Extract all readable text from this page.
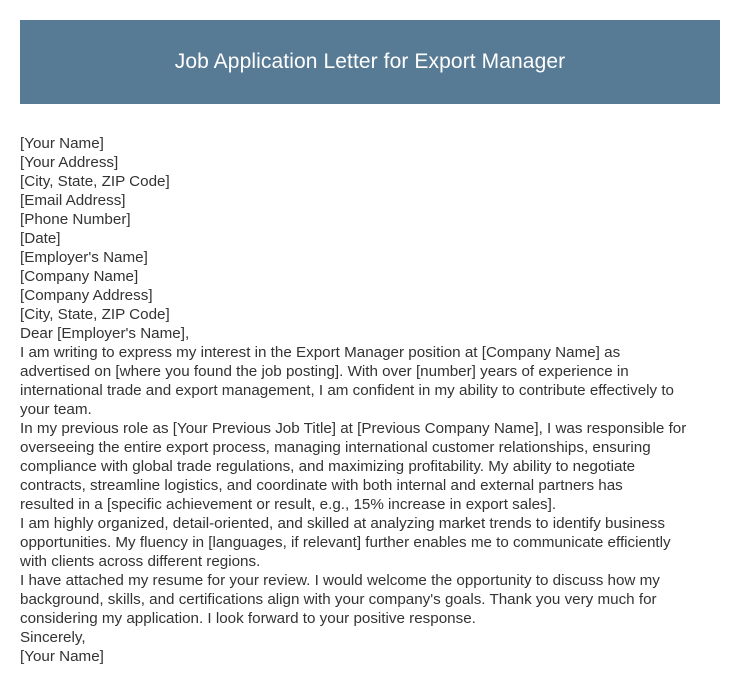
Job Application Letter for Export Manager
[Your Name]
[Your Address]
[City, State, ZIP Code]
[Email Address]
[Phone Number]
[Date]
[Employer's Name]
[Company Name]
[Company Address]
[City, State, ZIP Code]
Dear [Employer's Name],
I am writing to express my interest in the Export Manager position at [Company Name] as
advertised on [where you found the job posting]. With over [number] years of experience in
international trade and export management, I am confident in my ability to contribute effectively to
your team.
In my previous role as [Your Previous Job Title] at [Previous Company Name], I was responsible for
overseeing the entire export process, managing international customer relationships, ensuring
compliance with global trade regulations, and maximizing profitability. My ability to negotiate
contracts, streamline logistics, and coordinate with both internal and external partners has
resulted in a [specific achievement or result, e.g., 15% increase in export sales].
I am highly organized, detail-oriented, and skilled at analyzing market trends to identify business
opportunities. My fluency in [languages, if relevant] further enables me to communicate efficiently
with clients across different regions.
I have attached my resume for your review. I would welcome the opportunity to discuss how my
background, skills, and certifications align with your company's goals. Thank you very much for
considering my application. I look forward to your positive response.
Sincerely,
[Your Name]
